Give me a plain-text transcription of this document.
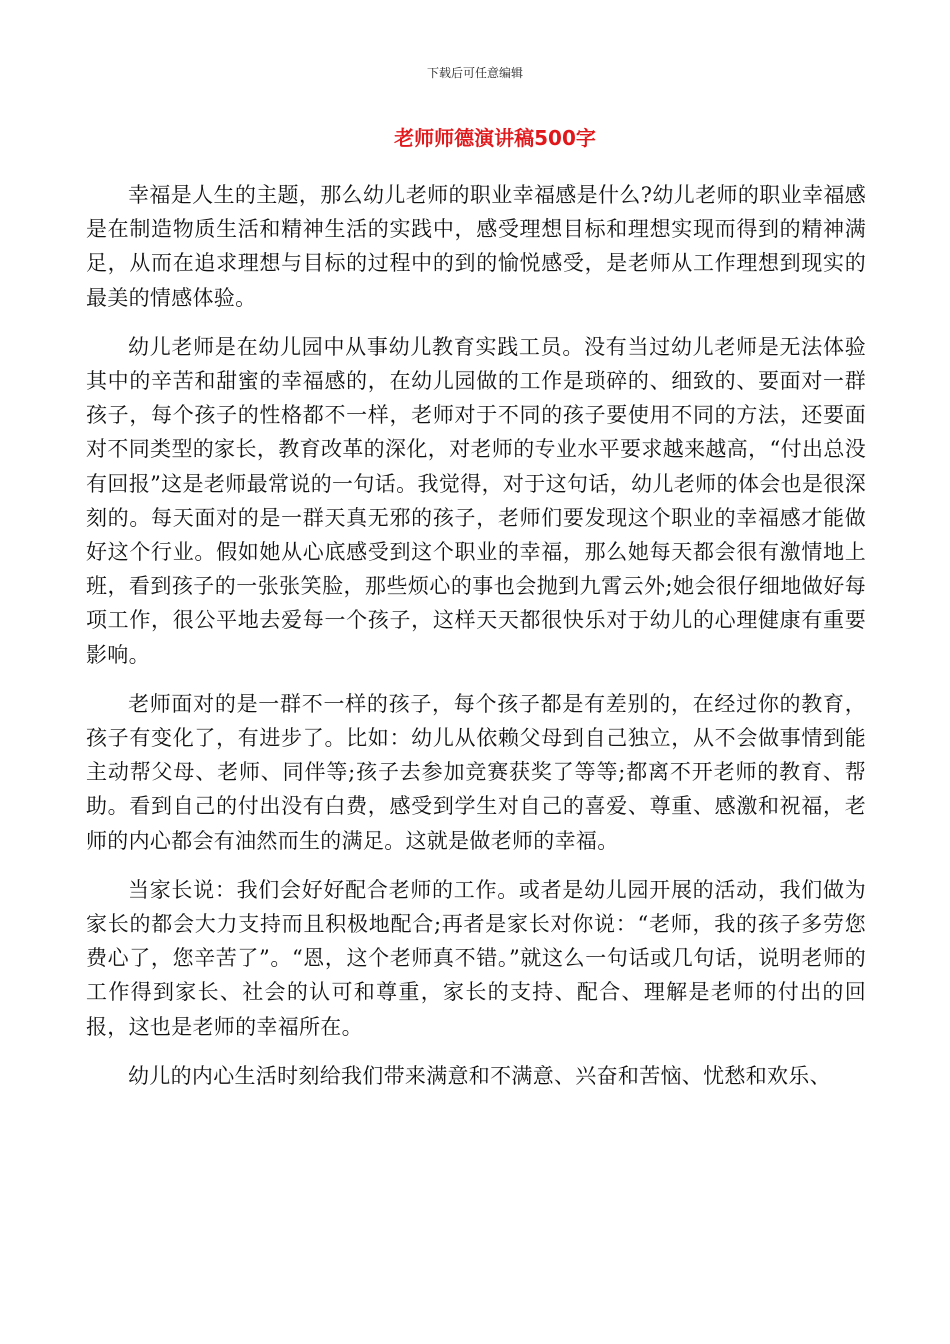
下载后可任意编辑
老师师德演讲稿500字

幸福是人生的主题，那么幼儿老师的职业幸福感是什么?幼儿老师的职业幸福感是在制造物质生活和精神生活的实践中，感受理想目标和理想实现而得到的精神满足，从而在追求理想与目标的过程中的到的愉悦感受，是老师从工作理想到现实的最美的情感体验。

幼儿老师是在幼儿园中从事幼儿教育实践工员。没有当过幼儿老师是无法体验其中的辛苦和甜蜜的幸福感的，在幼儿园做的工作是琐碎的、细致的、要面对一群孩子，每个孩子的性格都不一样，老师对于不同的孩子要使用不同的方法，还要面对不同类型的家长，教育改革的深化，对老师的专业水平要求越来越高，“付出总没有回报”这是老师最常说的一句话。我觉得，对于这句话，幼儿老师的体会也是很深刻的。每天面对的是一群天真无邪的孩子，老师们要发现这个职业的幸福感才能做好这个行业。假如她从心底感受到这个职业的幸福，那么她每天都会很有激情地上班，看到孩子的一张张笑脸，那些烦心的事也会抛到九霄云外;她会很仔细地做好每项工作，很公平地去爱每一个孩子，这样天天都很快乐对于幼儿的心理健康有重要影响。

老师面对的是一群不一样的孩子，每个孩子都是有差别的，在经过你的教育，孩子有变化了，有进步了。比如：幼儿从依赖父母到自己独立，从不会做事情到能主动帮父母、老师、同伴等;孩子去参加竞赛获奖了等等;都离不开老师的教育、帮助。看到自己的付出没有白费，感受到学生对自己的喜爱、尊重、感激和祝福，老师的内心都会有油然而生的满足。这就是做老师的幸福。

当家长说：我们会好好配合老师的工作。或者是幼儿园开展的活动，我们做为家长的都会大力支持而且积极地配合;再者是家长对你说：“老师，我的孩子多劳您费心了，您辛苦了”。“恩，这个老师真不错。”就这么一句话或几句话，说明老师的工作得到家长、社会的认可和尊重，家长的支持、配合、理解是老师的付出的回报，这也是老师的幸福所在。

幼儿的内心生活时刻给我们带来满意和不满意、兴奋和苦恼、忧愁和欢乐、
